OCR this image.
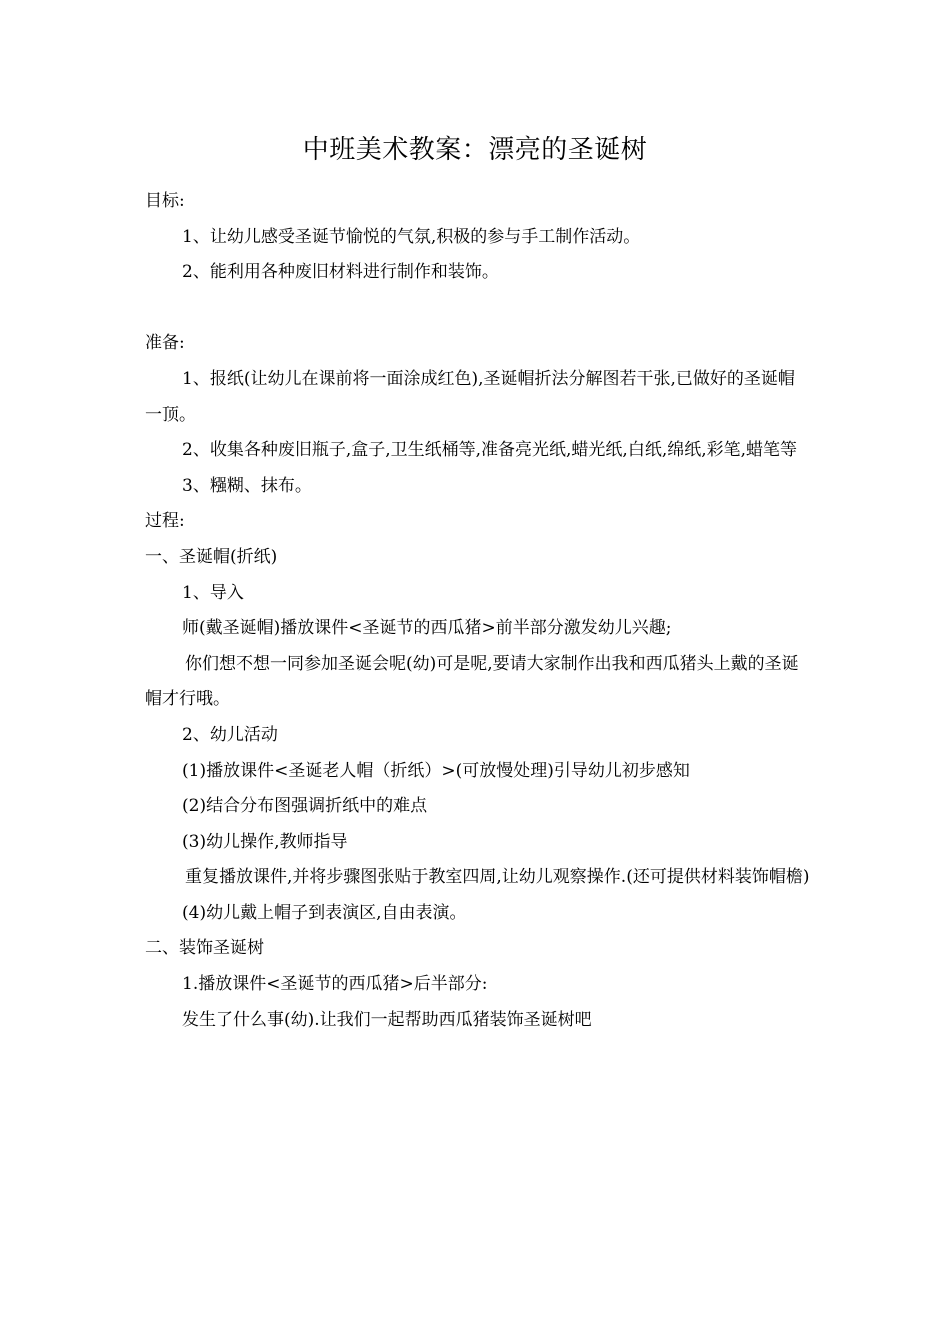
中班美术教案：漂亮的圣诞树

目标:

1、让幼儿感受圣诞节愉悦的气氛,积极的参与手工制作活动。

2、能利用各种废旧材料进行制作和装饰。

准备:

1、报纸(让幼儿在课前将一面涂成红色),圣诞帽折法分解图若干张,已做好的圣诞帽一顶。

2、收集各种废旧瓶子,盒子,卫生纸桶等,准备亮光纸,蜡光纸,白纸,绵纸,彩笔,蜡笔等

3、糨糊、抹布。

过程:

一、圣诞帽(折纸)

1、导入

师(戴圣诞帽)播放课件<圣诞节的西瓜猪>前半部分激发幼儿兴趣;

你们想不想一同参加圣诞会呢(幼)可是呢,要请大家制作出我和西瓜猪头上戴的圣诞帽才行哦。

2、幼儿活动

(1)播放课件<圣诞老人帽（折纸）>(可放慢处理)引导幼儿初步感知

(2)结合分布图强调折纸中的难点

(3)幼儿操作,教师指导

重复播放课件,并将步骤图张贴于教室四周,让幼儿观察操作.(还可提供材料装饰帽檐)

(4)幼儿戴上帽子到表演区,自由表演。

二、装饰圣诞树

1.播放课件<圣诞节的西瓜猪>后半部分:

发生了什么事(幼).让我们一起帮助西瓜猪装饰圣诞树吧
